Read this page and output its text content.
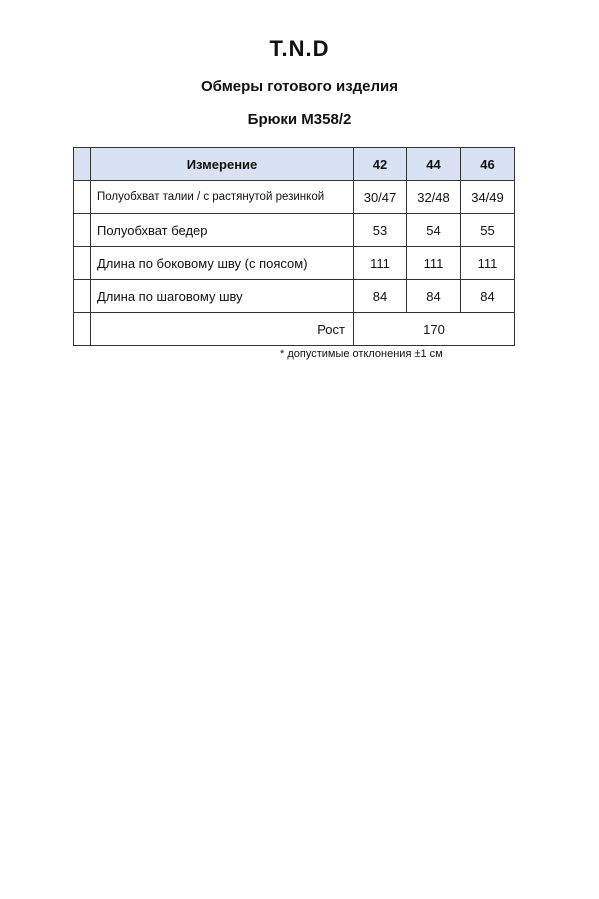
T.N.D
Обмеры готового изделия
Брюки М358/2
	Измерение	42	44	46
	Полуобхват талии / с растянутой резинкой	30/47	32/48	34/49
	Полуобхват бедер	53	54	55
	Длина по боковому шву (с поясом)	111	111	111
	Длина по шаговому шву	84	84	84
	Рост	170		
* допустимые отклонения ±1 см
